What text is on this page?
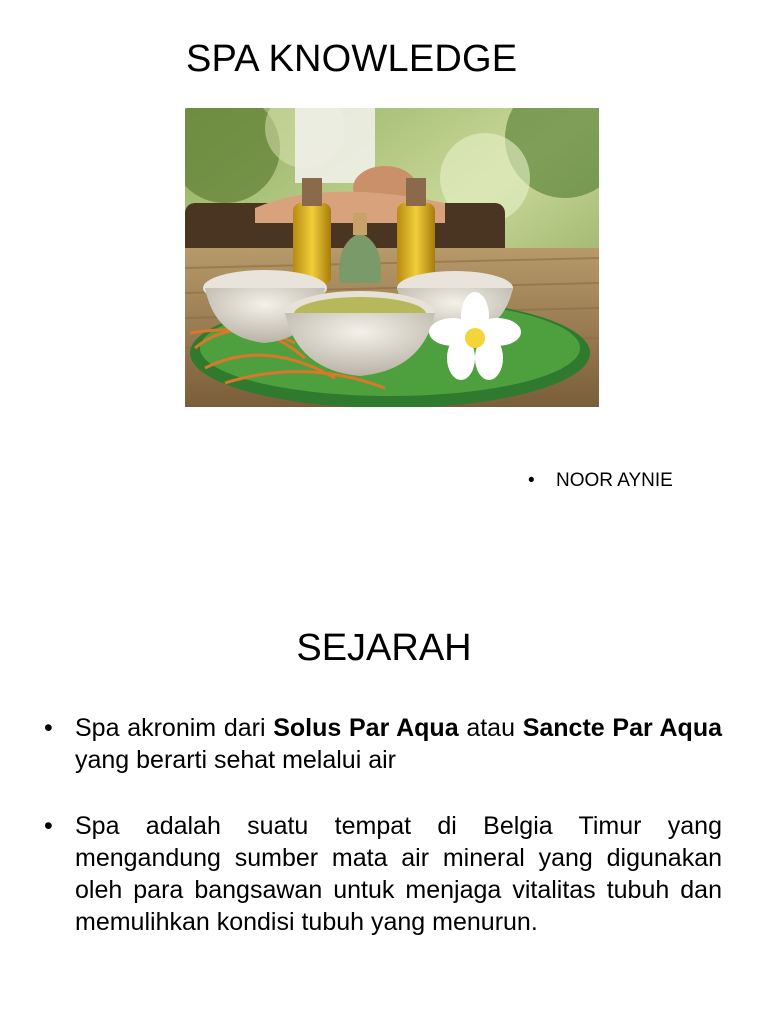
SPA KNOWLEDGE
• NOOR AYNIE
SEJARAH
• Spa akronim dari Solus Par Aqua atau Sancte Par Aqua yang berarti sehat melalui air
• Spa adalah suatu tempat di Belgia Timur yang mengandung sumber mata air mineral yang digunakan oleh para bangsawan untuk menjaga vitalitas tubuh dan memulihkan kondisi tubuh yang menurun.
